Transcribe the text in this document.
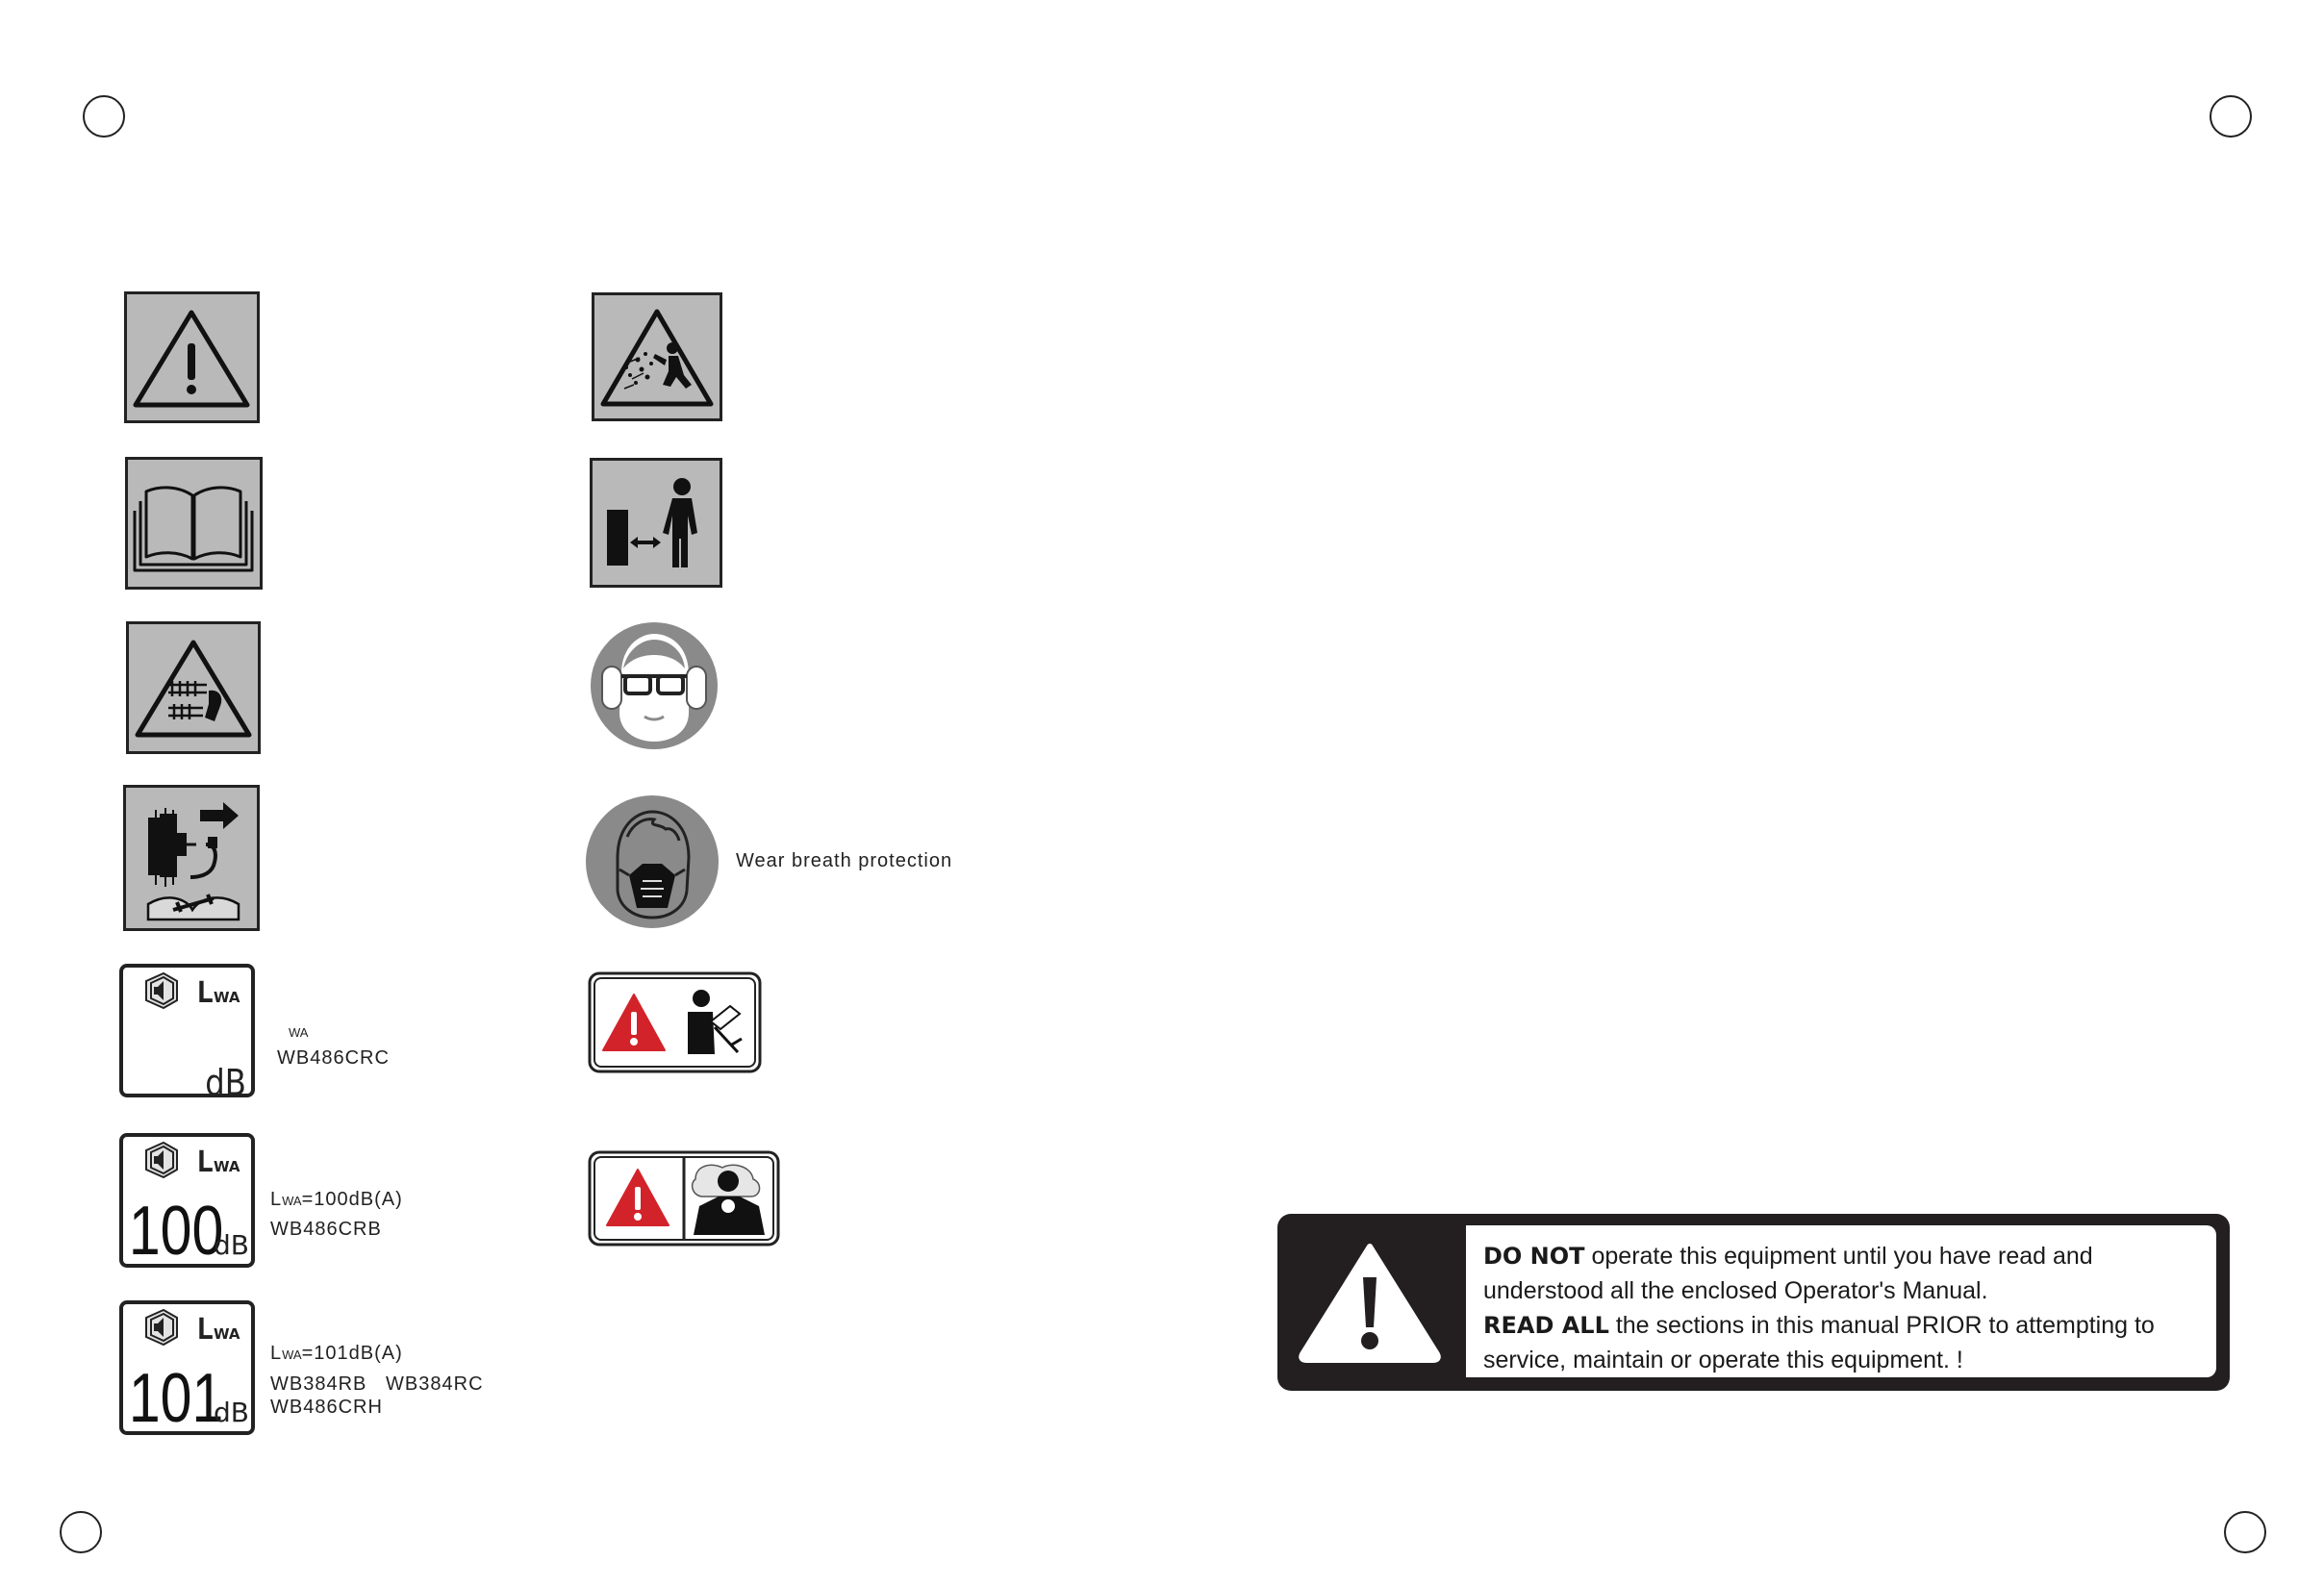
L WA
dB
WA
WB486CRC
L WA
100
dB
LWA=100dB(A)
WB486CRB
L WA
101
dB
LWA=101dB(A)
WB384RB   WB384RC
WB486CRH
Wear breath protection
DO NOT operate this equipment until you have read and
understood all the enclosed Operator's Manual.
READ ALL the sections in this manual PRIOR to attempting to
service, maintain or operate this equipment. !
